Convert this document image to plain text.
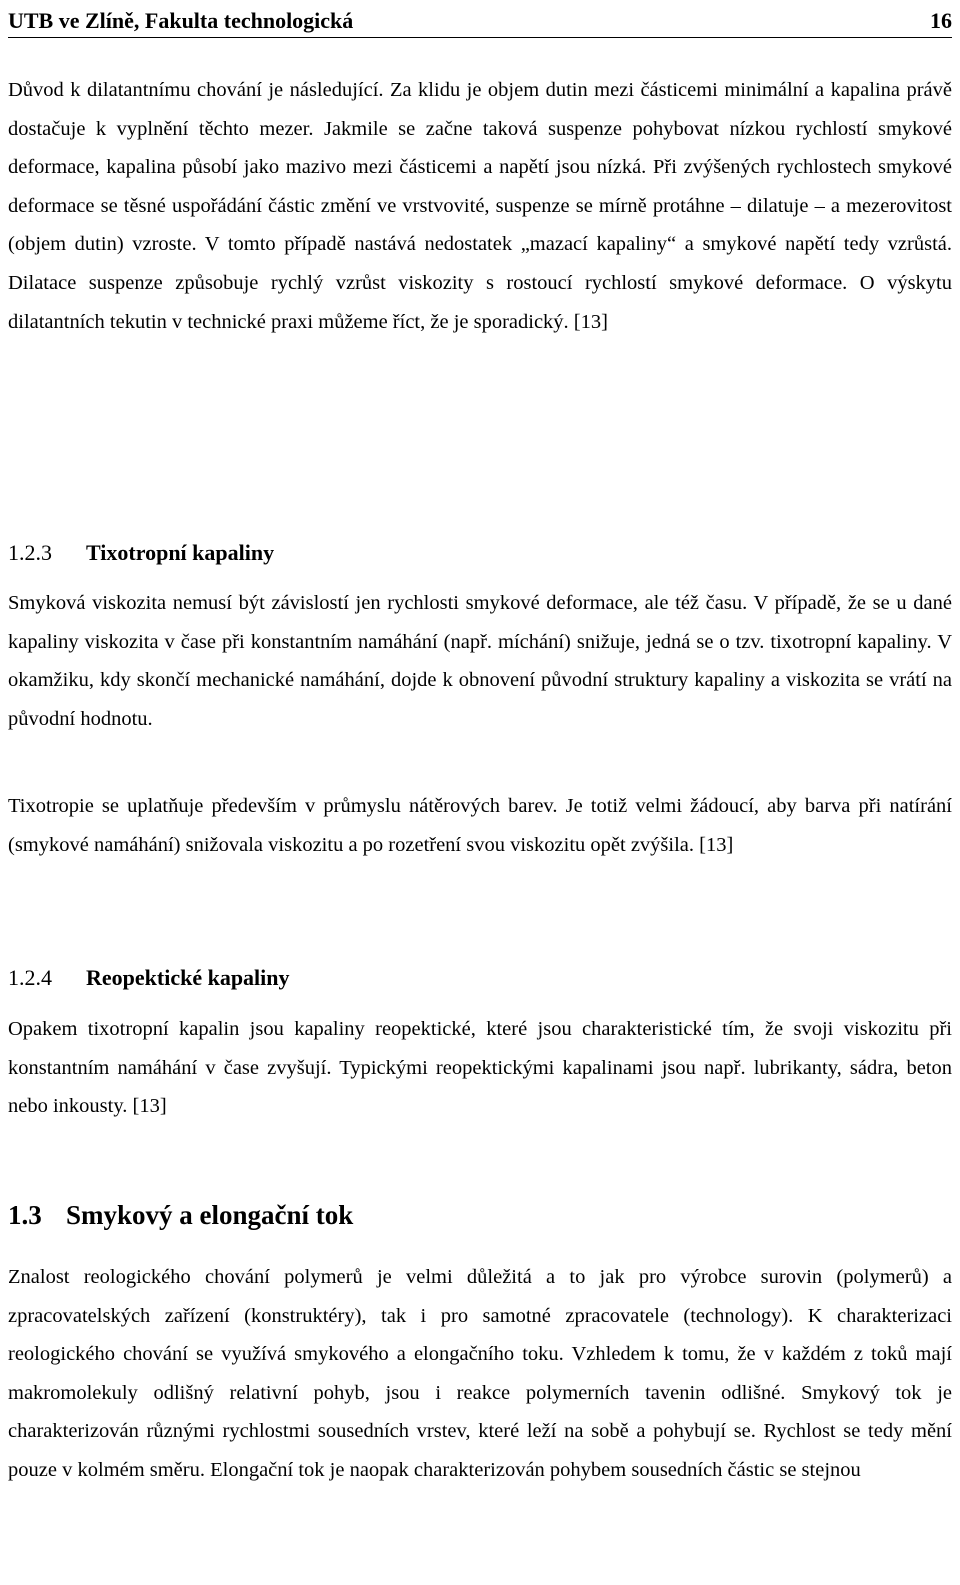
UTB ve Zlíně, Fakulta technologická	16

Důvod k dilatantnímu chování je následující. Za klidu je objem dutin mezi částicemi minimální a kapalina právě dostačuje k vyplnění těchto mezer. Jakmile se začne taková suspenze pohybovat nízkou rychlostí smykové deformace, kapalina působí jako mazivo mezi částicemi a napětí jsou nízká. Při zvýšených rychlostech smykové deformace se těsné uspořádání částic změní ve vrstvovité, suspenze se mírně protáhne – dilatuje – a mezerovitost (objem dutin) vzroste. V tomto případě nastává nedostatek „mazací kapaliny“ a smykové napětí tedy vzrůstá. Dilatace suspenze způsobuje rychlý vzrůst viskozity s rostoucí rychlostí smykové deformace. O výskytu dilatantních tekutin v technické praxi můžeme říct, že je sporadický. [13]

1.2.3 Tixotropní kapaliny

Smyková viskozita nemusí být závislostí jen rychlosti smykové deformace, ale též času. V případě, že se u dané kapaliny viskozita v čase při konstantním namáhání (např. míchání) snižuje, jedná se o tzv. tixotropní kapaliny. V okamžiku, kdy skončí mechanické namáhání, dojde k obnovení původní struktury kapaliny a viskozita se vrátí na původní hodnotu.

Tixotropie se uplatňuje především v průmyslu nátěrových barev. Je totiž velmi žádoucí, aby barva při natírání (smykové namáhání) snižovala viskozitu a po rozetření svou viskozitu opět zvýšila. [13]

1.2.4 Reopektické kapaliny

Opakem tixotropní kapalin jsou kapaliny reopektické, které jsou charakteristické tím, že svoji viskozitu při konstantním namáhání v čase zvyšují. Typickými reopektickými kapalinami jsou např. lubrikanty, sádra, beton nebo inkousty. [13]

1.3 Smykový a elongační tok

Znalost reologického chování polymerů je velmi důležitá a to jak pro výrobce surovin (polymerů) a zpracovatelských zařízení (konstruktéry), tak i pro samotné zpracovatele (technology). K charakterizaci reologického chování se využívá smykového a elongačního toku. Vzhledem k tomu, že v každém z toků mají makromolekuly odlišný relativní pohyb, jsou i reakce polymerních tavenin odlišné. Smykový tok je charakterizován různými rychlostmi sousedních vrstev, které leží na sobě a pohybují se. Rychlost se tedy mění pouze v kolmém směru. Elongační tok je naopak charakterizován pohybem sousedních částic se stejnou
